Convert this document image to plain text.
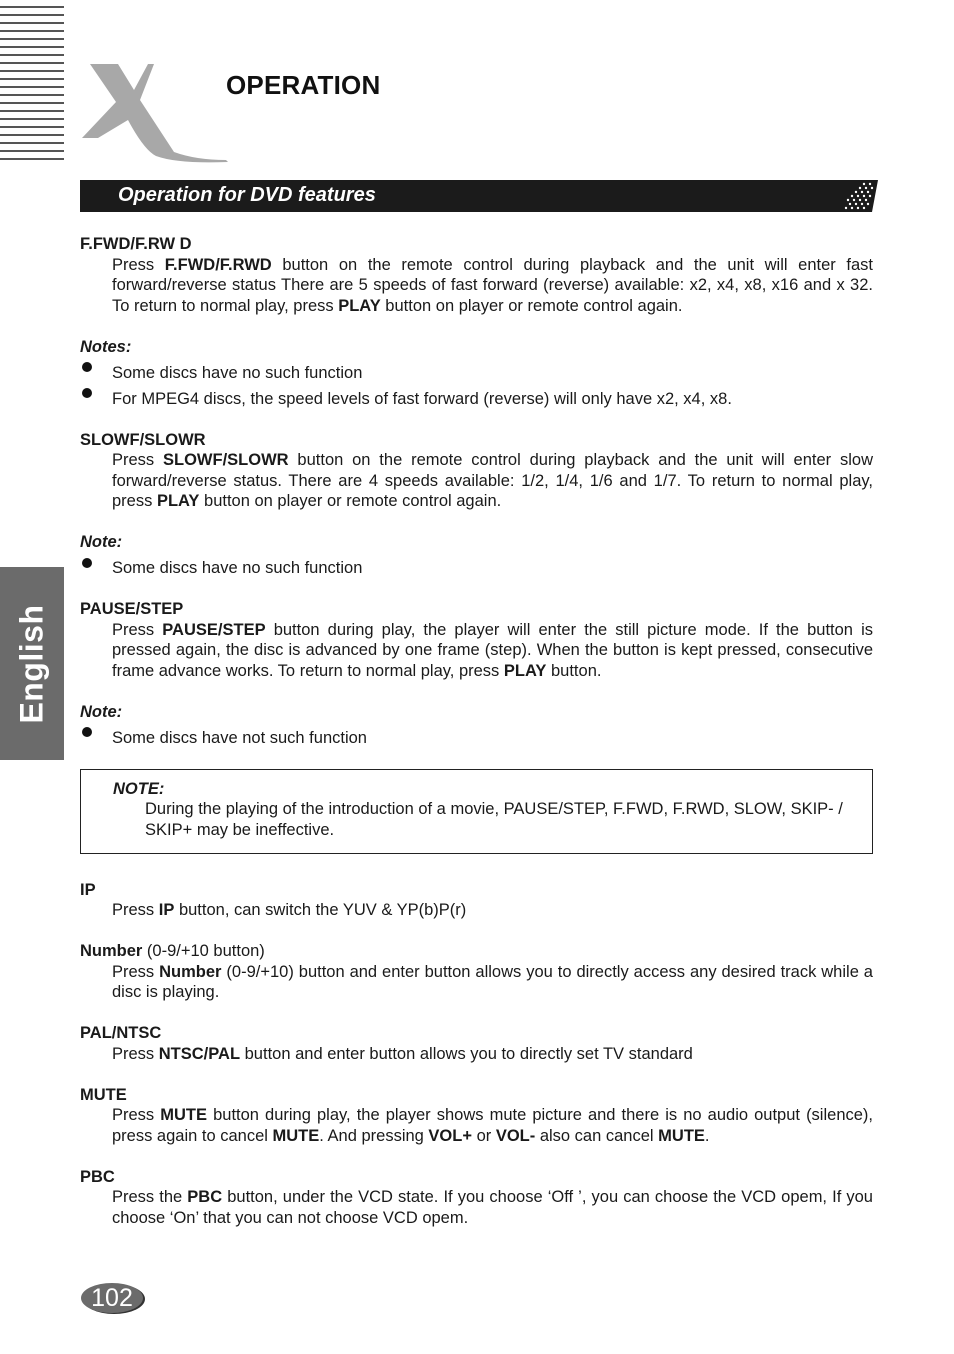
OPERATION
Operation for DVD features
English
F.FWD/F.RW D
Press F.FWD/F.RWD button on the remote control during playback and the unit will enter fast forward/reverse status There are 5 speeds of fast forward (reverse) available: x2, x4, x8, x16 and x 32. To return to normal play, press PLAY button on player or remote control again.
Notes:
Some discs have no such function
For MPEG4 discs, the speed levels of fast forward (reverse) will only have x2, x4, x8.
SLOWF/SLOWR
Press SLOWF/SLOWR button on the remote control during playback and the unit will enter slow forward/reverse status. There are 4 speeds available: 1/2, 1/4, 1/6 and 1/7. To return to normal play, press PLAY button on player or remote control again.
Note:
Some discs have no such function
PAUSE/STEP
Press PAUSE/STEP button during play, the player will enter the still picture mode. If the button is pressed again, the disc is advanced by one frame (step). When the button is kept pressed, consecutive frame advance works. To return to normal play, press PLAY button.
Note:
Some discs have not such function
NOTE:
During the playing of the introduction of a movie, PAUSE/STEP, F.FWD, F.RWD, SLOW, SKIP- / SKIP+ may be ineffective.
IP
Press IP button, can switch the YUV & YP(b)P(r)
Number (0-9/+10 button)
Press Number (0-9/+10) button and enter button allows you to directly access any desired track while a disc is playing.
PAL/NTSC
Press NTSC/PAL button and enter button allows you to directly set TV standard
MUTE
Press MUTE button during play, the player shows mute picture and there is no audio output (silence), press again to cancel MUTE. And pressing VOL+ or VOL- also can cancel MUTE.
PBC
Press the PBC button, under the VCD state. If you choose ‘Off ’, you can choose the VCD opem, If you choose ‘On’ that you can not choose VCD opem.
102
